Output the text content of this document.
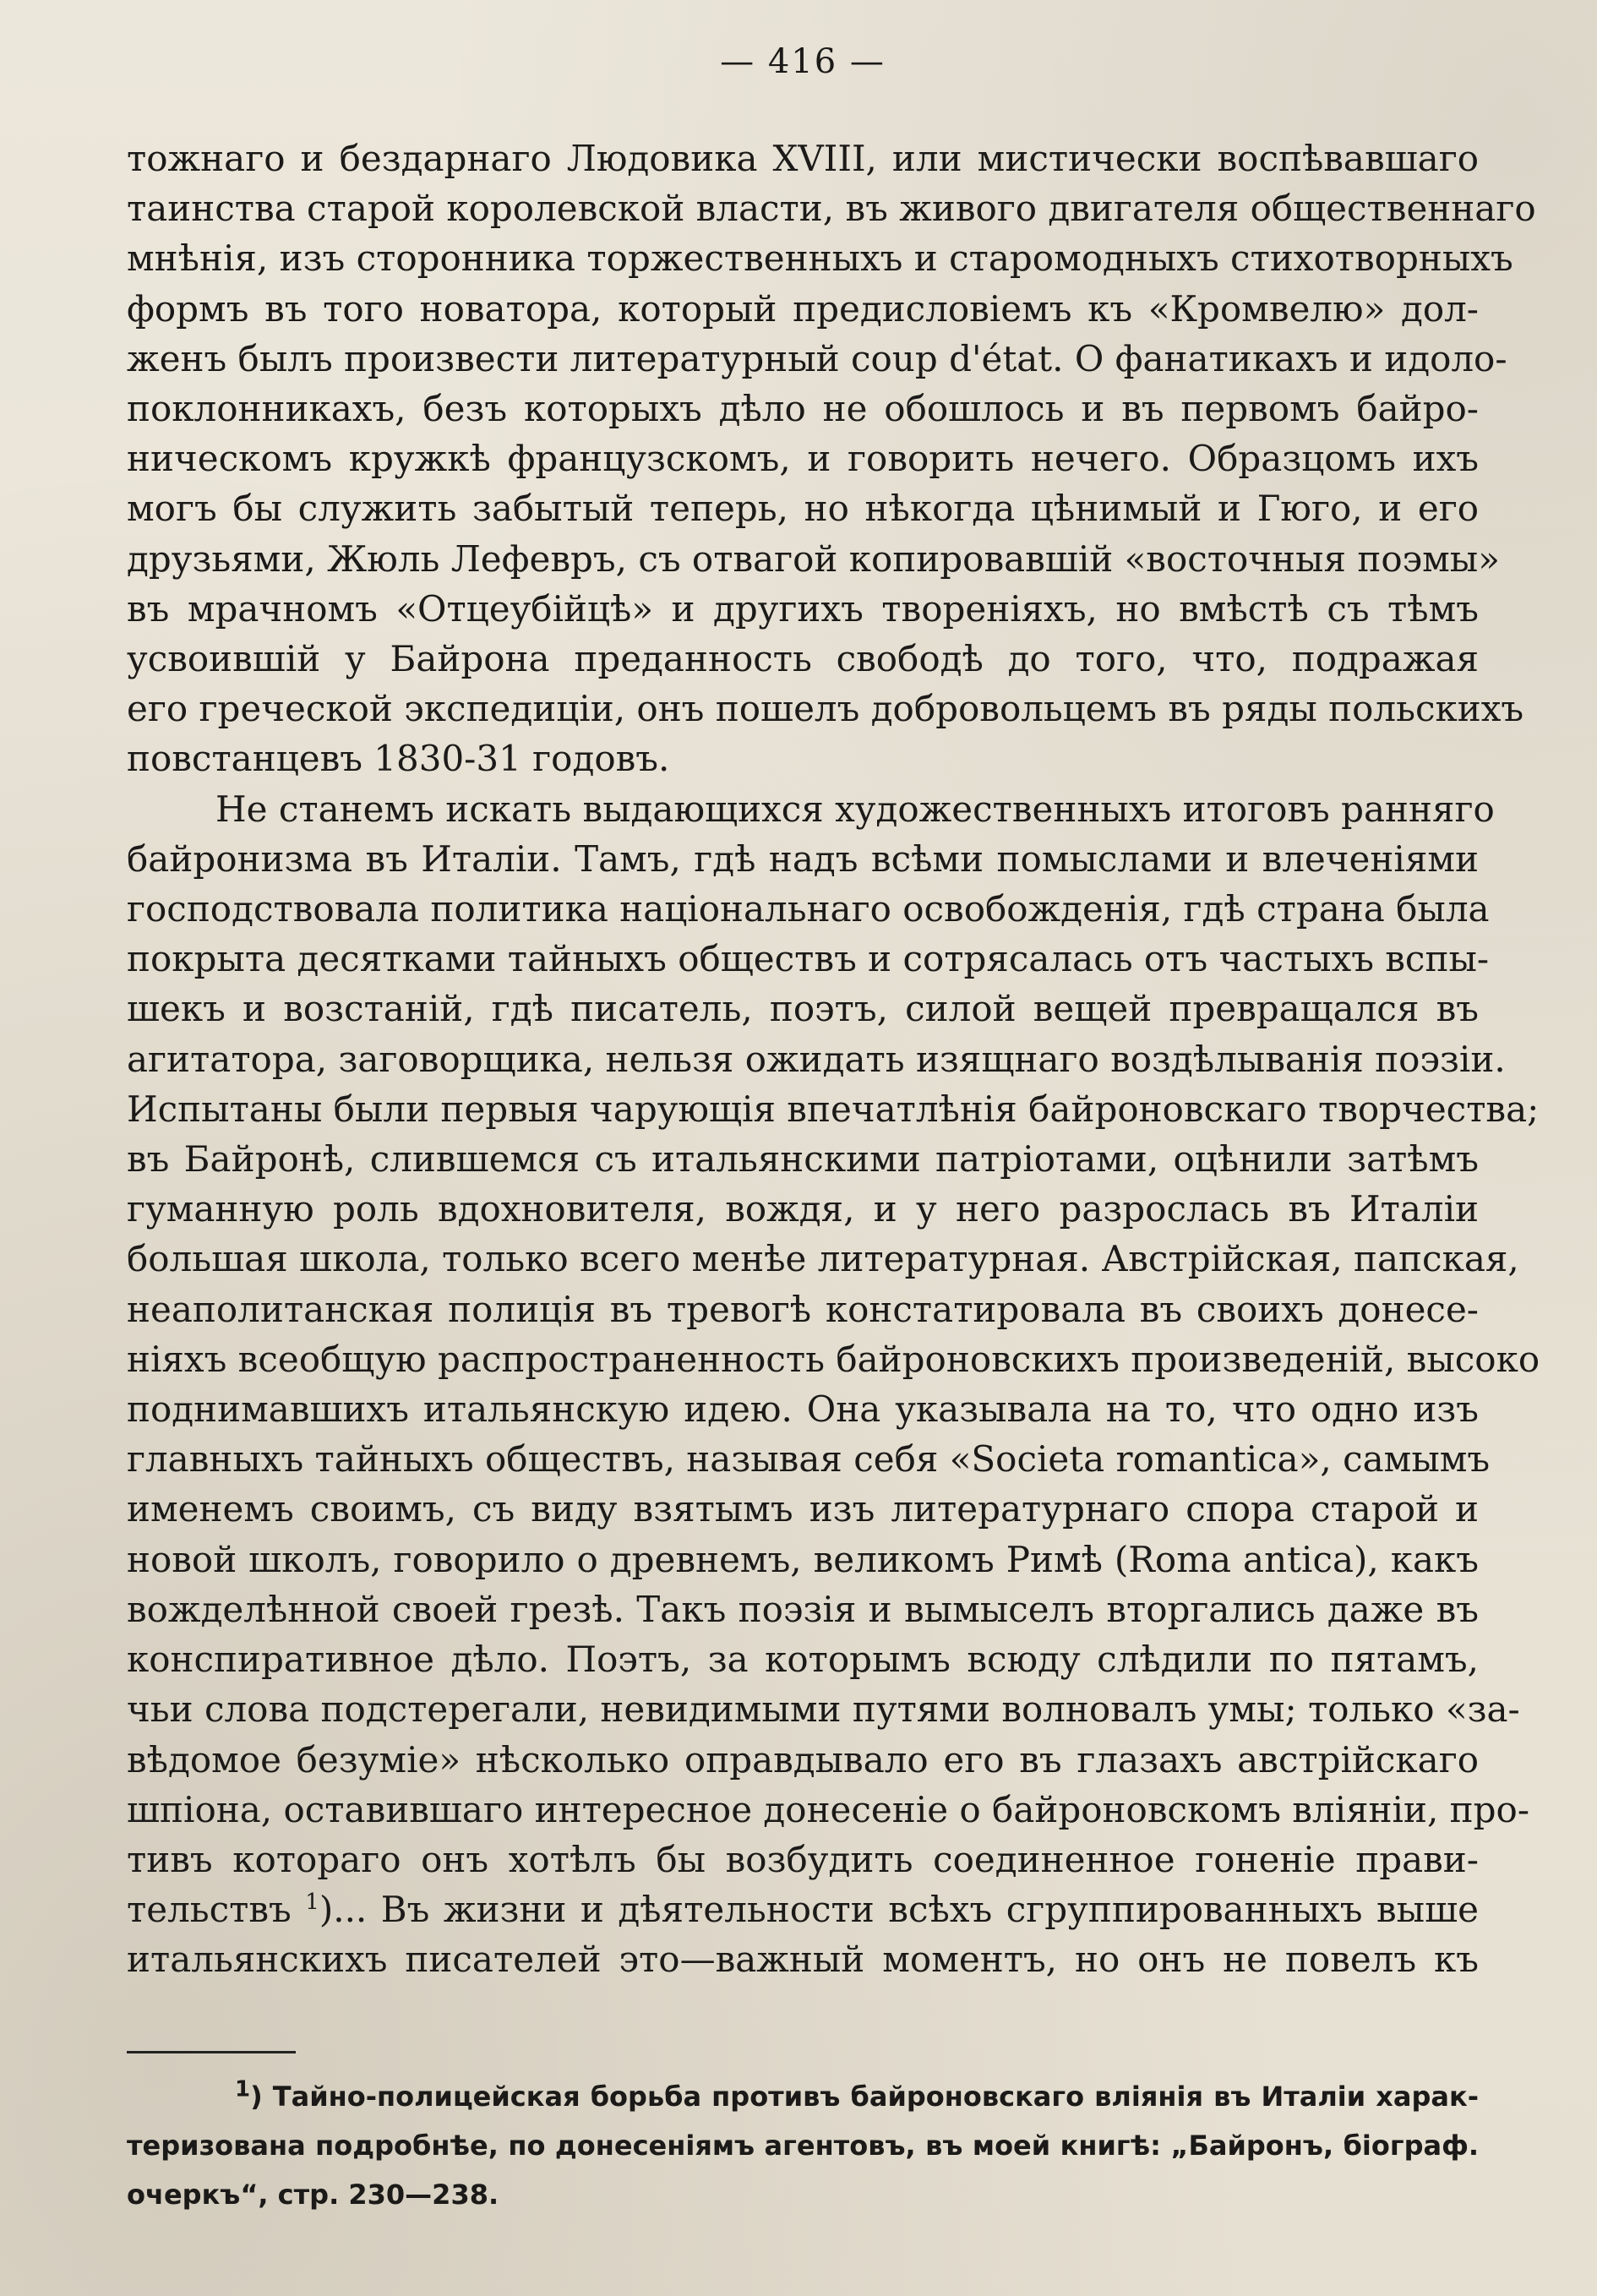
— 416 —

тожнаго и бездарнаго Людовика XVIII, или мистически воспѣвавшаго
таинства старой королевской власти, въ живого двигателя общественнаго
мнѣнія, изъ сторонника торжественныхъ и старомодныхъ стихотворныхъ
формъ въ того новатора, который предисловіемъ къ «Кромвелю» дол-
женъ былъ произвести литературный coup d'état. О фанатикахъ и идоло-
поклонникахъ, безъ которыхъ дѣло не обошлось и въ первомъ байро-
ническомъ кружкѣ французскомъ, и говорить нечего. Образцомъ ихъ
могъ бы служить забытый теперь, но нѣкогда цѣнимый и Гюго, и его
друзьями, Жюль Лефевръ, съ отвагой копировавшій «восточныя поэмы»
въ мрачномъ «Отцеубійцѣ» и другихъ твореніяхъ, но вмѣстѣ съ тѣмъ
усвоившій у Байрона преданность свободѣ до того, что, подражая
его греческой экспедиціи, онъ пошелъ добровольцемъ въ ряды польскихъ
повстанцевъ 1830-31 годовъ.

Не станемъ искать выдающихся художественныхъ итоговъ ранняго
байронизма въ Италіи. Тамъ, гдѣ надъ всѣми помыслами и влеченіями
господствовала политика національнаго освобожденія, гдѣ страна была
покрыта десятками тайныхъ обществъ и сотрясалась отъ частыхъ вспы-
шекъ и возстаній, гдѣ писатель, поэтъ, силой вещей превращался въ
агитатора, заговорщика, нельзя ожидать изящнаго воздѣлыванія поэзіи.
Испытаны были первыя чарующія впечатлѣнія байроновскаго творчества;
въ Байронѣ, слившемся съ итальянскими патріотами, оцѣнили затѣмъ
гуманную роль вдохновителя, вождя, и у него разрослась въ Италіи
большая школа, только всего менѣе литературная. Австрійская, папская,
неаполитанская полиція въ тревогѣ констатировала въ своихъ донесе-
ніяхъ всеобщую распространенность байроновскихъ произведеній, высоко
поднимавшихъ итальянскую идею. Она указывала на то, что одно изъ
главныхъ тайныхъ обществъ, называя себя «Societa romantica», самымъ
именемъ своимъ, съ виду взятымъ изъ литературнаго спора старой и
новой школъ, говорило о древнемъ, великомъ Римѣ (Roma antica), какъ
вожделѣнной своей грезѣ. Такъ поэзія и вымыселъ вторгались даже въ
конспиративное дѣло. Поэтъ, за которымъ всюду слѣдили по пятамъ,
чьи слова подстерегали, невидимыми путями волновалъ умы; только «за-
вѣдомое безуміе» нѣсколько оправдывало его въ глазахъ австрійскаго
шпіона, оставившаго интересное донесеніе о байроновскомъ вліяніи, про-
тивъ котораго онъ хотѣлъ бы возбудить соединенное гоненіе прави-
тельствъ $^1$)... Въ жизни и дѣятельности всѣхъ сгруппированныхъ выше
итальянскихъ писателей это—важный моментъ, но онъ не повелъ къ

$^1$) Тайно-полицейская борьба противъ байроновскаго вліянія въ Италіи харак-
теризована подробнѣе, по донесеніямъ агентовъ, въ моей книгѣ: „Байронъ, біограф.
очеркъ“, стр. 230—238.
